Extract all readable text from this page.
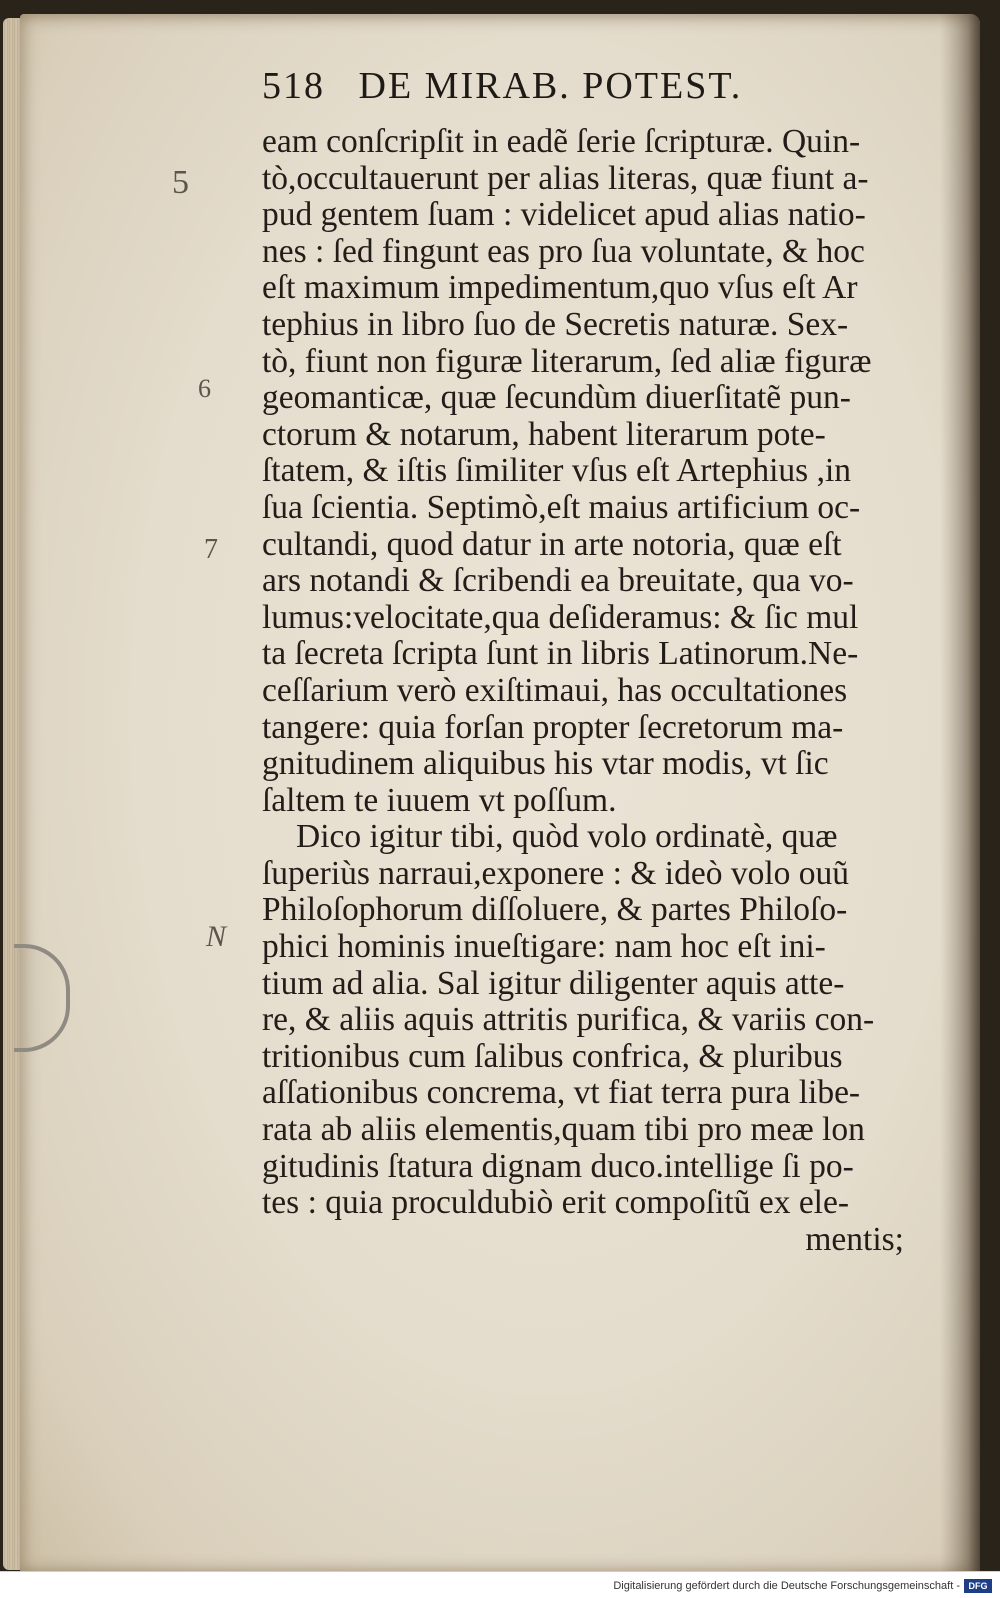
5
6
7
N
518 DE MIRAB. POTEST.
eam conſcripſit in eadẽ ſerie ſcripturæ. Quin-
tò,occultauerunt per alias literas, quæ fiunt a-
pud gentem ſuam : videlicet apud alias natio-
nes : ſed fingunt eas pro ſua voluntate, & hoc
eſt maximum impedimentum,quo vſus eſt Ar
tephius in libro ſuo de Secretis naturæ. Sex-
tò, fiunt non figuræ literarum, ſed aliæ figuræ
geomanticæ, quæ ſecundùm diuerſitatẽ pun-
ctorum & notarum, habent literarum pote-
ſtatem, & iſtis ſimiliter vſus eſt Artephius ,in
ſua ſcientia. Septimò,eſt maius artificium oc-
cultandi, quod datur in arte notoria, quæ eſt
ars notandi & ſcribendi ea breuitate, qua vo-
lumus:velocitate,qua deſideramus: & ſic mul
ta ſecreta ſcripta ſunt in libris Latinorum.Ne-
ceſſarium verò exiſtimaui, has occultationes
tangere: quia forſan propter ſecretorum ma-
gnitudinem aliquibus his vtar modis, vt ſic
ſaltem te iuuem vt poſſum.
Dico igitur tibi, quòd volo ordinatè, quæ
ſuperiùs narraui,exponere : & ideò volo ouũ
Philoſophorum diſſoluere, & partes Philoſo-
phici hominis inueſtigare: nam hoc eſt ini-
tium ad alia. Sal igitur diligenter aquis atte-
re, & aliis aquis attritis purifica, & variis con-
tritionibus cum ſalibus confrica, & pluribus
aſſationibus concrema, vt fiat terra pura libe-
rata ab aliis elementis,quam tibi pro meæ lon
gitudinis ſtatura dignam duco.intellige ſi po-
tes : quia proculdubiò erit compoſitũ ex ele-
mentis;
Digitalisierung gefördert durch die Deutsche Forschungsgemeinschaft - DFG
